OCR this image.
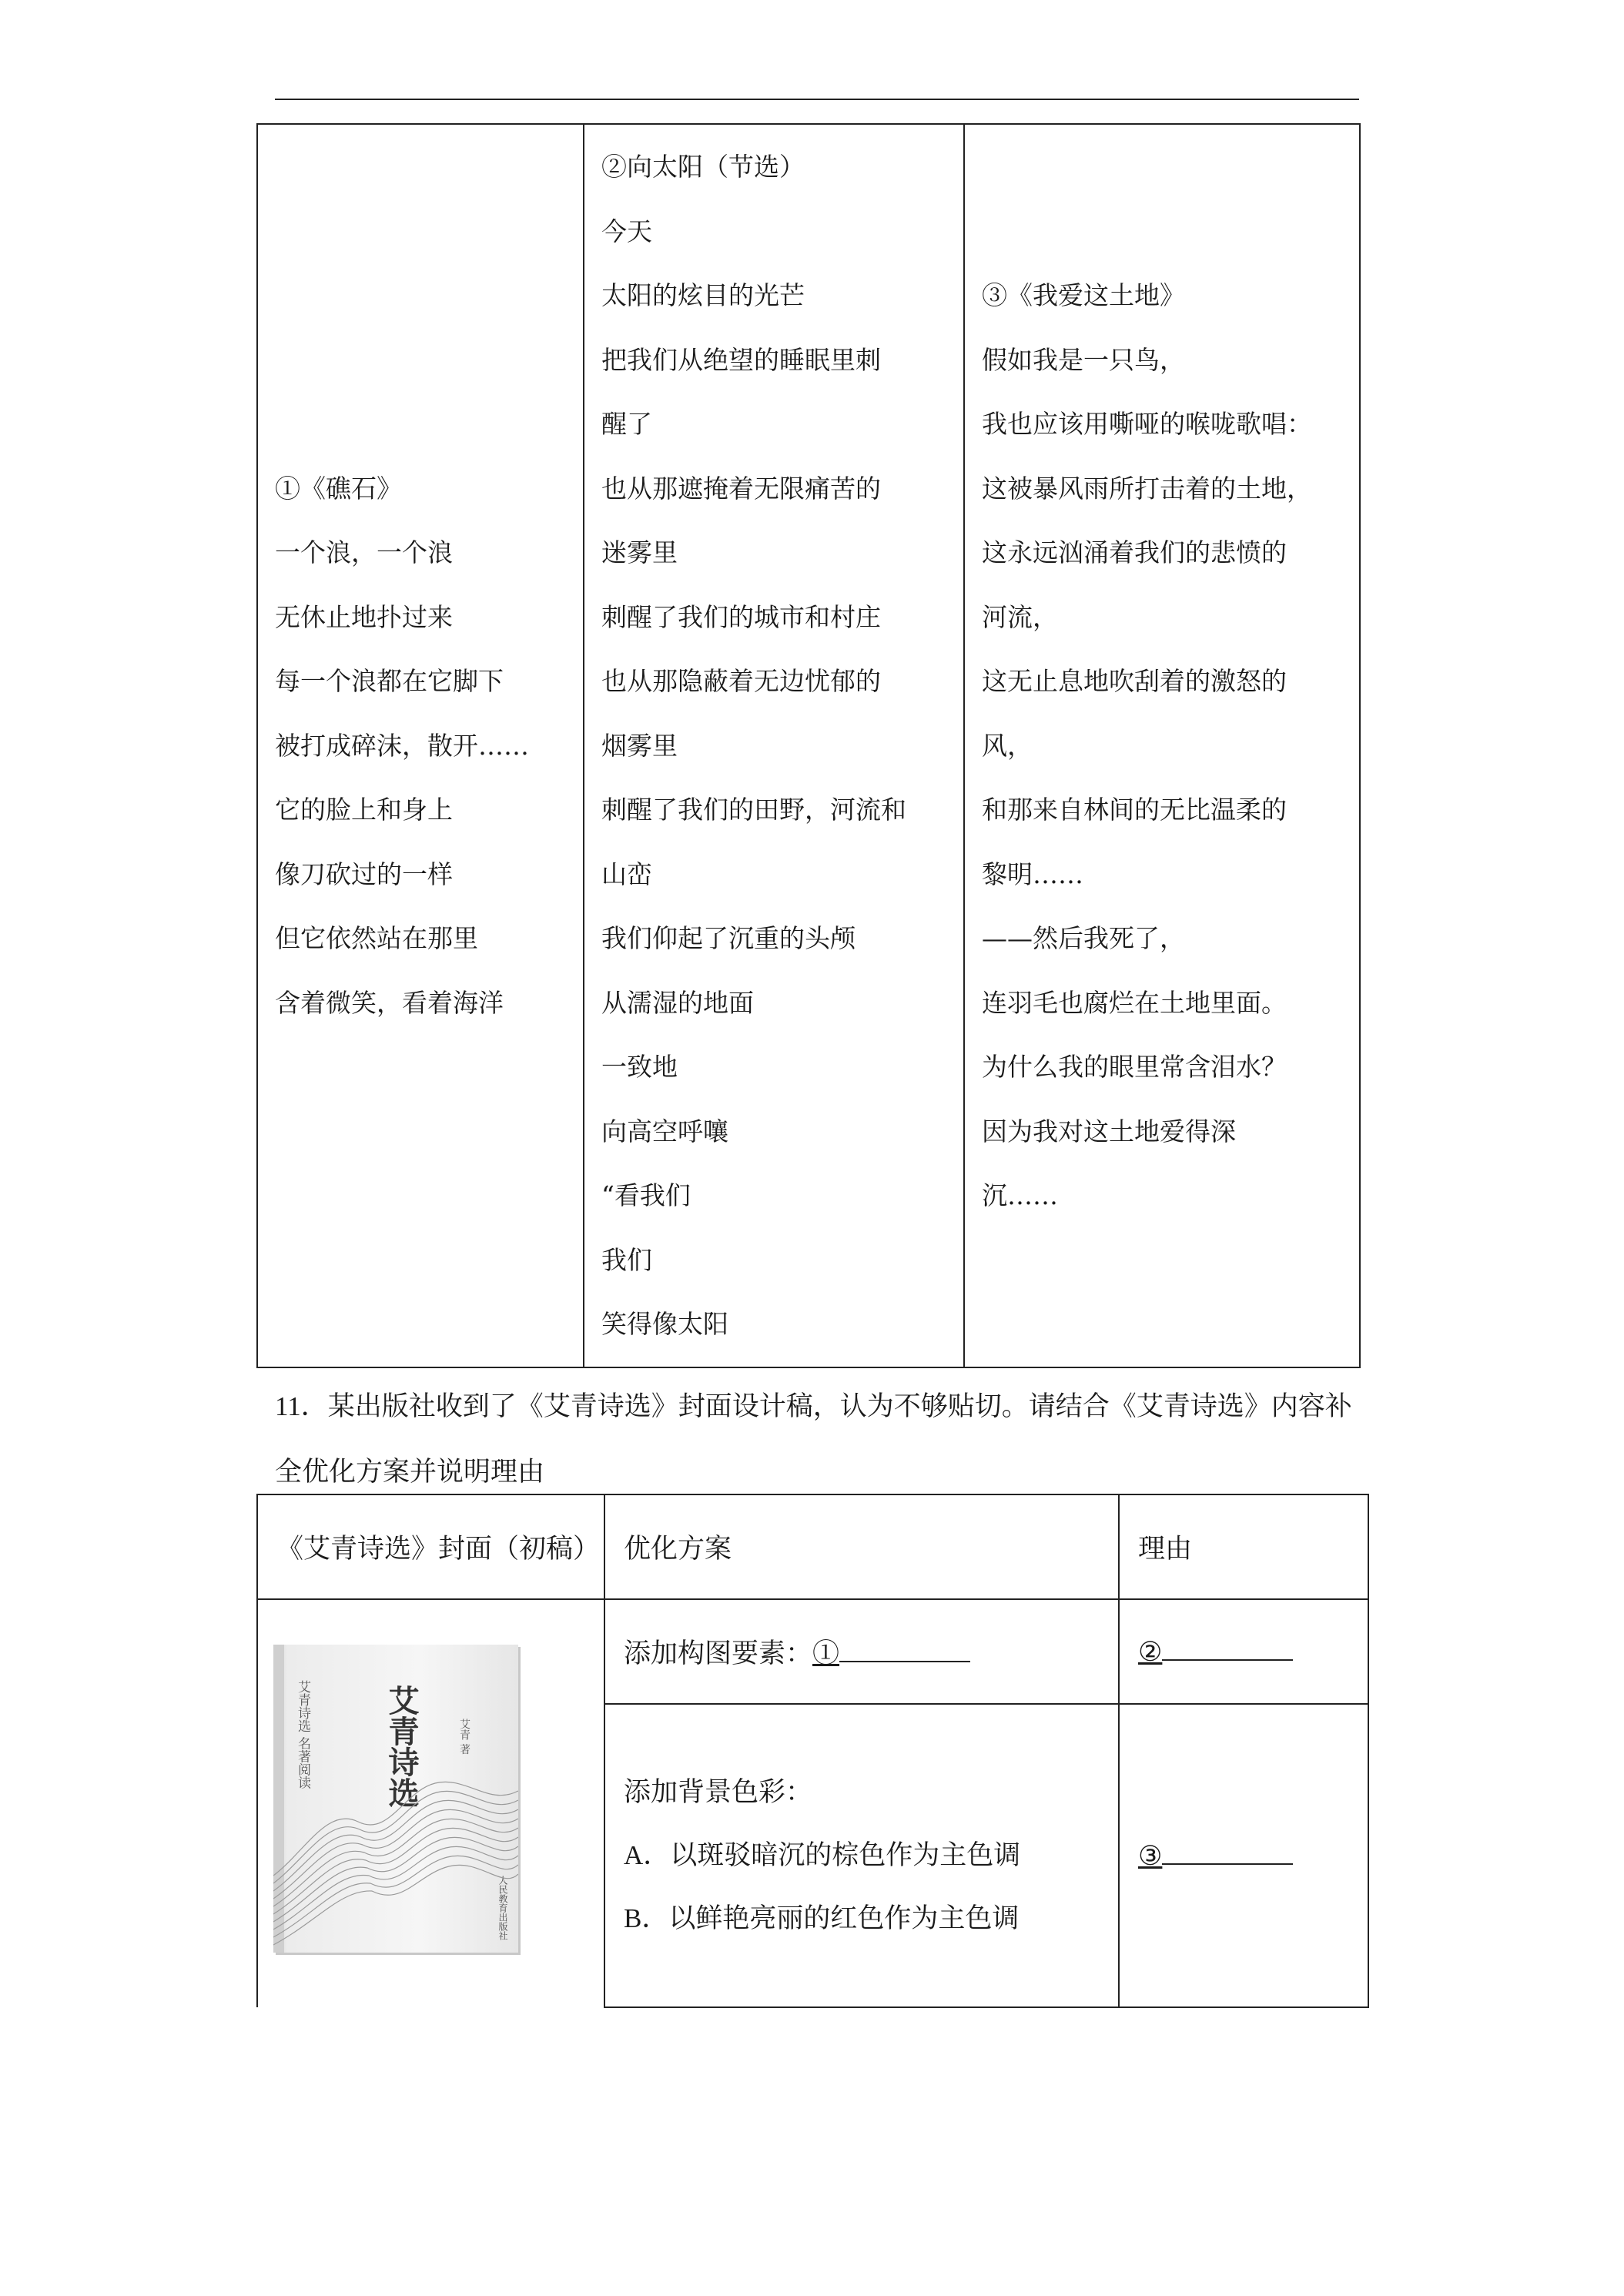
①《礁石》
一个浪，一个浪
无休止地扑过来
每一个浪都在它脚下
被打成碎沫，散开……
它的脸上和身上
像刀砍过的一样
但它依然站在那里
含着微笑，看着海洋

②向太阳（节选）
今天
太阳的炫目的光芒
把我们从绝望的睡眠里刺
醒了
也从那遮掩着无限痛苦的
迷雾里
刺醒了我们的城市和村庄
也从那隐蔽着无边忧郁的
烟雾里
刺醒了我们的田野，河流和
山峦
我们仰起了沉重的头颅
从濡湿的地面
一致地
向高空呼嚷
“看我们
我们
笑得像太阳

③《我爱这土地》
假如我是一只鸟，
我也应该用嘶哑的喉咙歌唱：
这被暴风雨所打击着的土地，
这永远汹涌着我们的悲愤的
河流，
这无止息地吹刮着的激怒的
风，
和那来自林间的无比温柔的
黎明……
——然后我死了，
连羽毛也腐烂在土地里面。
为什么我的眼里常含泪水？
因为我对这土地爱得深
沉……
11．某出版社收到了《艾青诗选》封面设计稿，认为不够贴切。请结合《艾青诗选》内容补全优化方案并说明理由
《艾青诗选》封面（初稿）	优化方案	理由

艾青诗选 名著阅读 艾青诗选 艾青 著
人民教育出版社	添加构图要素：①	②

	添加背景色彩：
A．以斑驳暗沉的棕色作为主色调
B．以鲜艳亮丽的红色作为主色调	③
